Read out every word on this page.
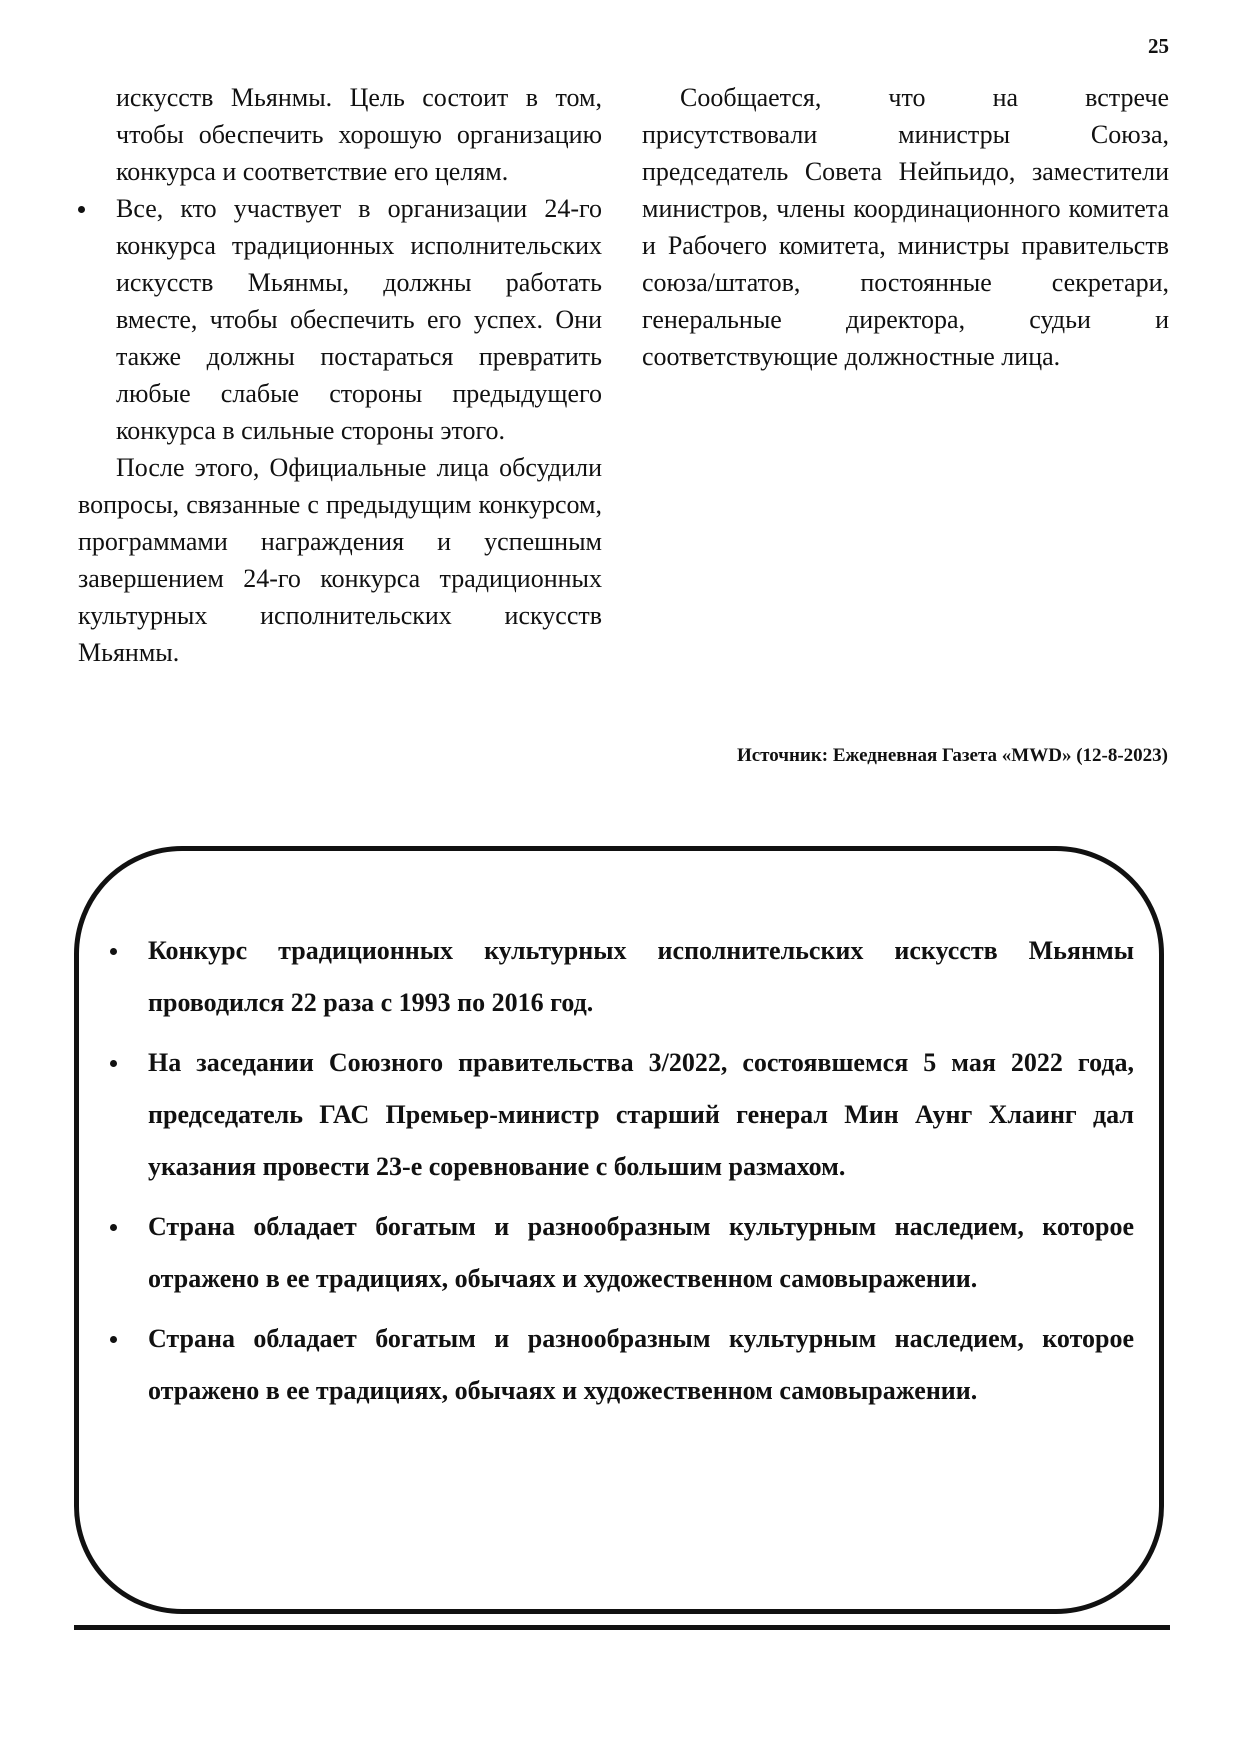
25

искусств Мьянмы. Цель состоит в том, чтобы обеспечить хорошую организацию конкурса и соответствие его целям.

Все, кто участвует в организации 24-го конкурса традиционных исполнительских искусств Мьянмы, должны работать вместе, чтобы обеспечить его успех. Они также должны постараться превратить любые слабые стороны предыдущего конкурса в сильные стороны этого.

После этого, Официальные лица обсудили вопросы, связанные с предыдущим конкурсом, программами награждения и успешным завершением 24-го конкурса традиционных культурных исполнительских искусств Мьянмы.

Сообщается, что на встрече присутствовали министры Союза, председатель Совета Нейпьидо, заместители министров, члены координационного комитета и Рабочего комитета, министры правительств союза/штатов, постоянные секретари, генеральные директора, судьи и соответствующие должностные лица.

Источник: Ежедневная Газета «MWD» (12-8-2023)
Конкурс традиционных культурных исполнительских искусств Мьянмы проводился 22 раза с 1993 по 2016 год.
На заседании Союзного правительства 3/2022, состоявшемся 5 мая 2022 года, председатель ГАС Премьер-министр старший генерал Мин Аунг Хлаинг дал указания провести 23-е соревнование с большим размахом.
Страна обладает богатым и разнообразным культурным наследием, которое отражено в ее традициях, обычаях и художественном самовыражении.
Страна обладает богатым и разнообразным культурным наследием, которое отражено в ее традициях, обычаях и художественном самовыражении.
